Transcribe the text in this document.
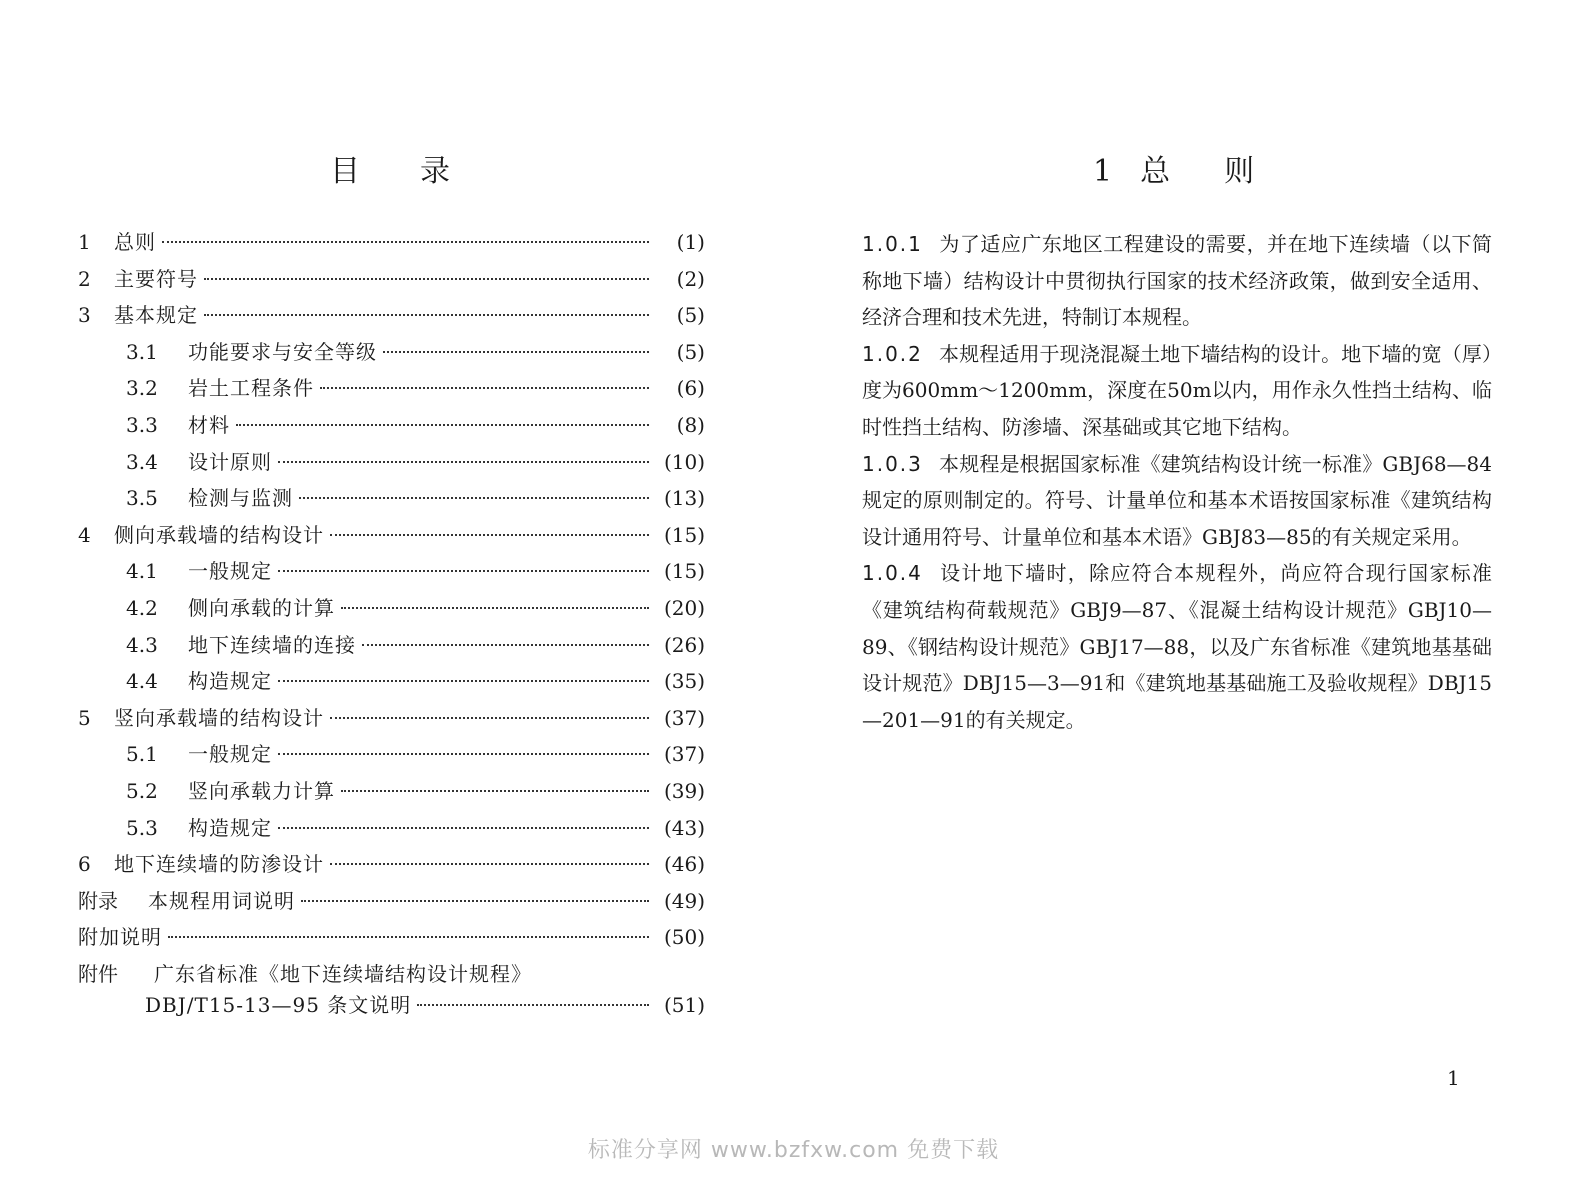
目录
1	总则	(1)
2	主要符号	(2)
3	基本规定	(5)
3.1	功能要求与安全等级	(5)
3.2	岩土工程条件	(6)
3.3	材料	(8)
3.4	设计原则	(10)
3.5	检测与监测	(13)
4	侧向承载墙的结构设计	(15)
4.1	一般规定	(15)
4.2	侧向承载的计算	(20)
4.3	地下连续墙的连接	(26)
4.4	构造规定	(35)
5	竖向承载墙的结构设计	(37)
5.1	一般规定	(37)
5.2	竖向承载力计算	(39)
5.3	构造规定	(43)
6	地下连续墙的防渗设计	(46)
附录	本规程用词说明	(49)
附加说明	(50)
附件	广东省标准《地下连续墙结构设计规程》
DBJ/T15-13—95 条文说明	(51)
1 总 则

1.0.1 为了适应广东地区工程建设的需要，并在地下连续墙（以下简称地下墙）结构设计中贯彻执行国家的技术经济政策，做到安全适用、经济合理和技术先进，特制订本规程。

1.0.2 本规程适用于现浇混凝土地下墙结构的设计。地下墙的宽（厚）度为600mm～1200mm，深度在50m以内，用作永久性挡土结构、临时性挡土结构、防渗墙、深基础或其它地下结构。

1.0.3 本规程是根据国家标准《建筑结构设计统一标准》GBJ68—84规定的原则制定的。符号、计量单位和基本术语按国家标准《建筑结构设计通用符号、计量单位和基本术语》GBJ83—85的有关规定采用。

1.0.4 设计地下墙时，除应符合本规程外，尚应符合现行国家标准《建筑结构荷载规范》GBJ9—87、《混凝土结构设计规范》GBJ10—89、《钢结构设计规范》GBJ17—88，以及广东省标准《建筑地基基础设计规范》DBJ15—3—91和《建筑地基基础施工及验收规程》DBJ15—201—91的有关规定。

1
标准分享网 www.bzfxw.com 免费下载
